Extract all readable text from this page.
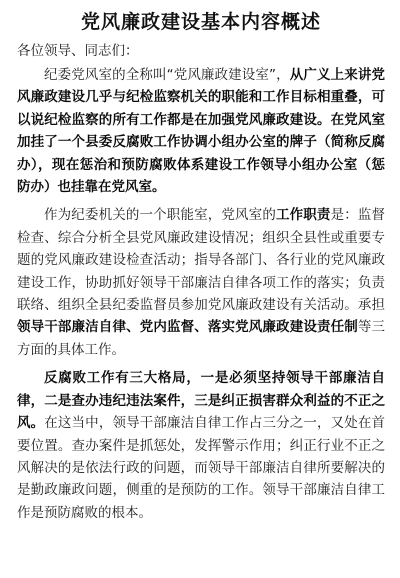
党风廉政建设基本内容概述
各位领导、同志们：

纪委党风室的全称叫“党风廉政建设室”，从广义上来讲党风廉政建设几乎与纪检监察机关的职能和工作目标相重叠，可以说纪检监察的所有工作都是在加强党风廉政建设。在党风室加挂了一个县委反腐败工作协调小组办公室的牌子（简称反腐办），现在惩治和预防腐败体系建设工作领导小组办公室（惩防办）也挂靠在党风室。

作为纪委机关的一个职能室，党风室的工作职责是：监督检查、综合分析全县党风廉政建设情况；组织全县性或重要专题的党风廉政建设检查活动；指导各部门、各行业的党风廉政建设工作，协助抓好领导干部廉洁自律各项工作的落实；负责联络、组织全县纪委监督员参加党风廉政建设有关活动。承担领导干部廉洁自律、党内监督、落实党风廉政建设责任制等三方面的具体工作。

反腐败工作有三大格局，一是必须坚持领导干部廉洁自律，二是查办违纪违法案件，三是纠正损害群众利益的不正之风。在这当中，领导干部廉洁自律工作占三分之一，又处在首要位置。查办案件是抓惩处，发挥警示作用；纠正行业不正之风解决的是依法行政的问题，而领导干部廉洁自律所要解决的是勤政廉政问题，侧重的是预防的工作。领导干部廉洁自律工作是预防腐败的根本。
